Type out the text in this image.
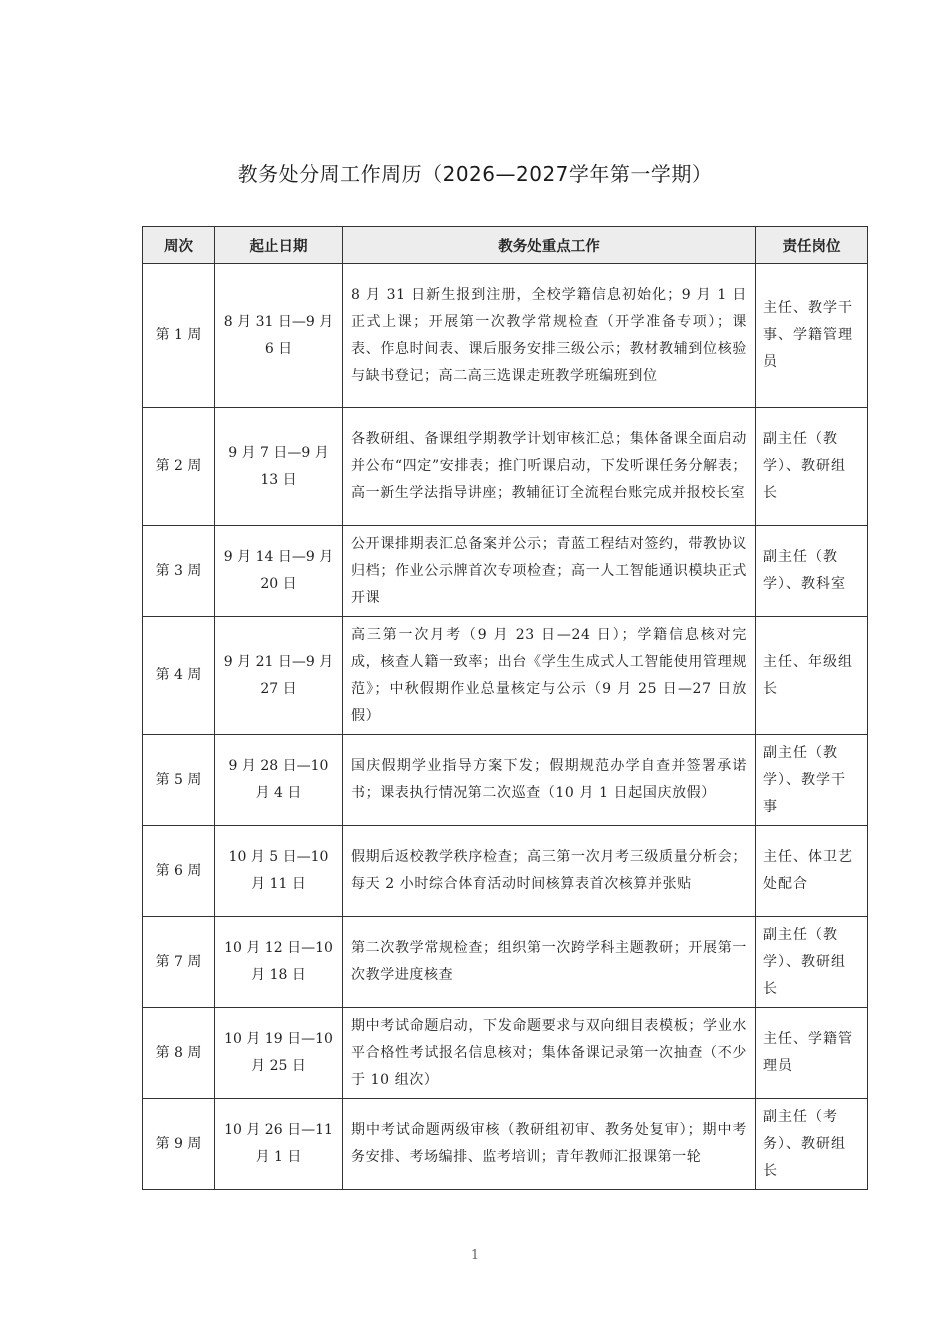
教务处分周工作周历（2026—2027学年第一学期）
周次	起止日期	教务处重点工作	责任岗位
第 1 周	8 月 31 日—9 月 6 日	8 月 31 日新生报到注册，全校学籍信息初始化；9 月 1 日正式上课；开展第一次教学常规检查（开学准备专项）；课表、作息时间表、课后服务安排三级公示；教材教辅到位核验与缺书登记；高二高三选课走班教学班编班到位	主任、教学干事、学籍管理员
第 2 周	9 月 7 日—9 月 13 日	各教研组、备课组学期教学计划审核汇总；集体备课全面启动并公布“四定”安排表；推门听课启动，下发听课任务分解表；高一新生学法指导讲座；教辅征订全流程台账完成并报校长室	副主任（教学）、教研组长
第 3 周	9 月 14 日—9 月 20 日	公开课排期表汇总备案并公示；青蓝工程结对签约，带教协议归档；作业公示牌首次专项检查；高一人工智能通识模块正式开课	副主任（教学）、教科室
第 4 周	9 月 21 日—9 月 27 日	高三第一次月考（9 月 23 日—24 日）；学籍信息核对完成，核查人籍一致率；出台《学生生成式人工智能使用管理规范》；中秋假期作业总量核定与公示（9 月 25 日—27 日放假）	主任、年级组长
第 5 周	9 月 28 日—10 月 4 日	国庆假期学业指导方案下发；假期规范办学自查并签署承诺书；课表执行情况第二次巡查（10 月 1 日起国庆放假）	副主任（教学）、教学干事
第 6 周	10 月 5 日—10 月 11 日	假期后返校教学秩序检查；高三第一次月考三级质量分析会；每天 2 小时综合体育活动时间核算表首次核算并张贴	主任、体卫艺处配合
第 7 周	10 月 12 日—10 月 18 日	第二次教学常规检查；组织第一次跨学科主题教研；开展第一次教学进度核查	副主任（教学）、教研组长
第 8 周	10 月 19 日—10 月 25 日	期中考试命题启动，下发命题要求与双向细目表模板；学业水平合格性考试报名信息核对；集体备课记录第一次抽查（不少于 10 组次）	主任、学籍管理员
第 9 周	10 月 26 日—11 月 1 日	期中考试命题两级审核（教研组初审、教务处复审）；期中考务安排、考场编排、监考培训；青年教师汇报课第一轮	副主任（考务）、教研组长
1
